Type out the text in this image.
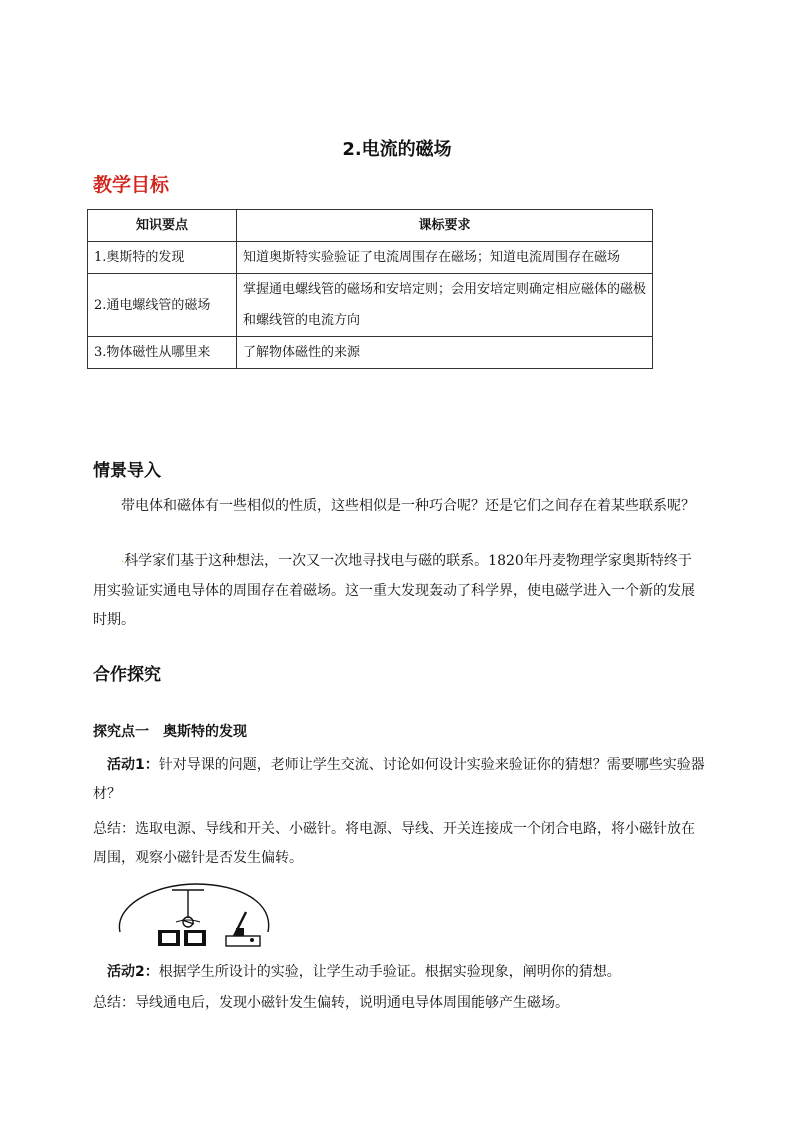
2.电流的磁场
教学目标
知识要点	课标要求
1.奥斯特的发现	知道奥斯特实验验证了电流周围存在磁场；知道电流周围存在磁场
2.通电螺线管的磁场	掌握通电螺线管的磁场和安培定则；会用安培定则确定相应磁体的磁极和螺线管的电流方向
3.物体磁性从哪里来	了解物体磁性的来源
情景导入
带电体和磁体有一些相似的性质，这些相似是一种巧合呢？还是它们之间存在着某些联系呢？
·科学家们基于这种想法，一次又一次地寻找电与磁的联系。1820年丹麦物理学家奥斯特终于用实验证实通电导体的周围存在着磁场。这一重大发现轰动了科学界，使电磁学进入一个新的发展时期。
合作探究
探究点一　奥斯特的发现
活动1：针对导课的问题，老师让学生交流、讨论如何设计实验来验证你的猜想？需要哪些实验器材？
总结：选取电源、导线和开关、小磁针。将电源、导线、开关连接成一个闭合电路，将小磁针放在周围，观察小磁针是否发生偏转。
活动2：根据学生所设计的实验，让学生动手验证。根据实验现象，阐明你的猜想。
总结：导线通电后，发现小磁针发生偏转，说明通电导体周围能够产生磁场。
